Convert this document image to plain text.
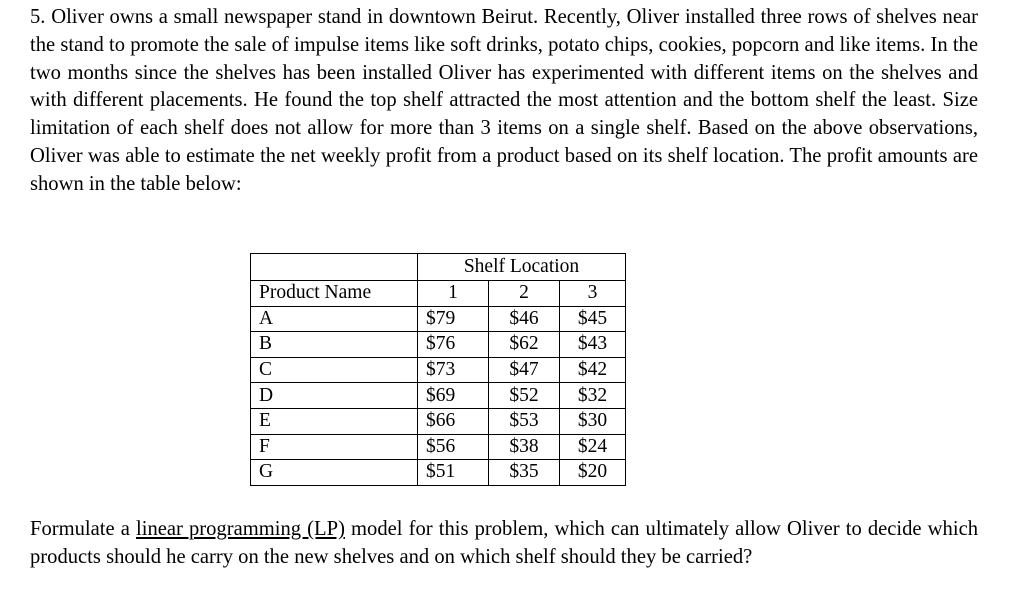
5. Oliver owns a small newspaper stand in downtown Beirut. Recently, Oliver installed three rows of shelves near the stand to promote the sale of impulse items like soft drinks, potato chips, cookies, popcorn and like items. In the two months since the shelves has been installed Oliver has experimented with different items on the shelves and with different placements. He found the top shelf attracted the most attention and the bottom shelf the least. Size limitation of each shelf does not allow for more than 3 items on a single shelf. Based on the above observations, Oliver was able to estimate the net weekly profit from a product based on its shelf location. The profit amounts are shown in the table below:

	Shelf Location		
Product Name	1	2	3
A	$79	$46	$45
B	$76	$62	$43
C	$73	$47	$42
D	$69	$52	$32
E	$66	$53	$30
F	$56	$38	$24
G	$51	$35	$20

Formulate a linear programming (LP) model for this problem, which can ultimately allow Oliver to decide which products should he carry on the new shelves and on which shelf should they be carried?
